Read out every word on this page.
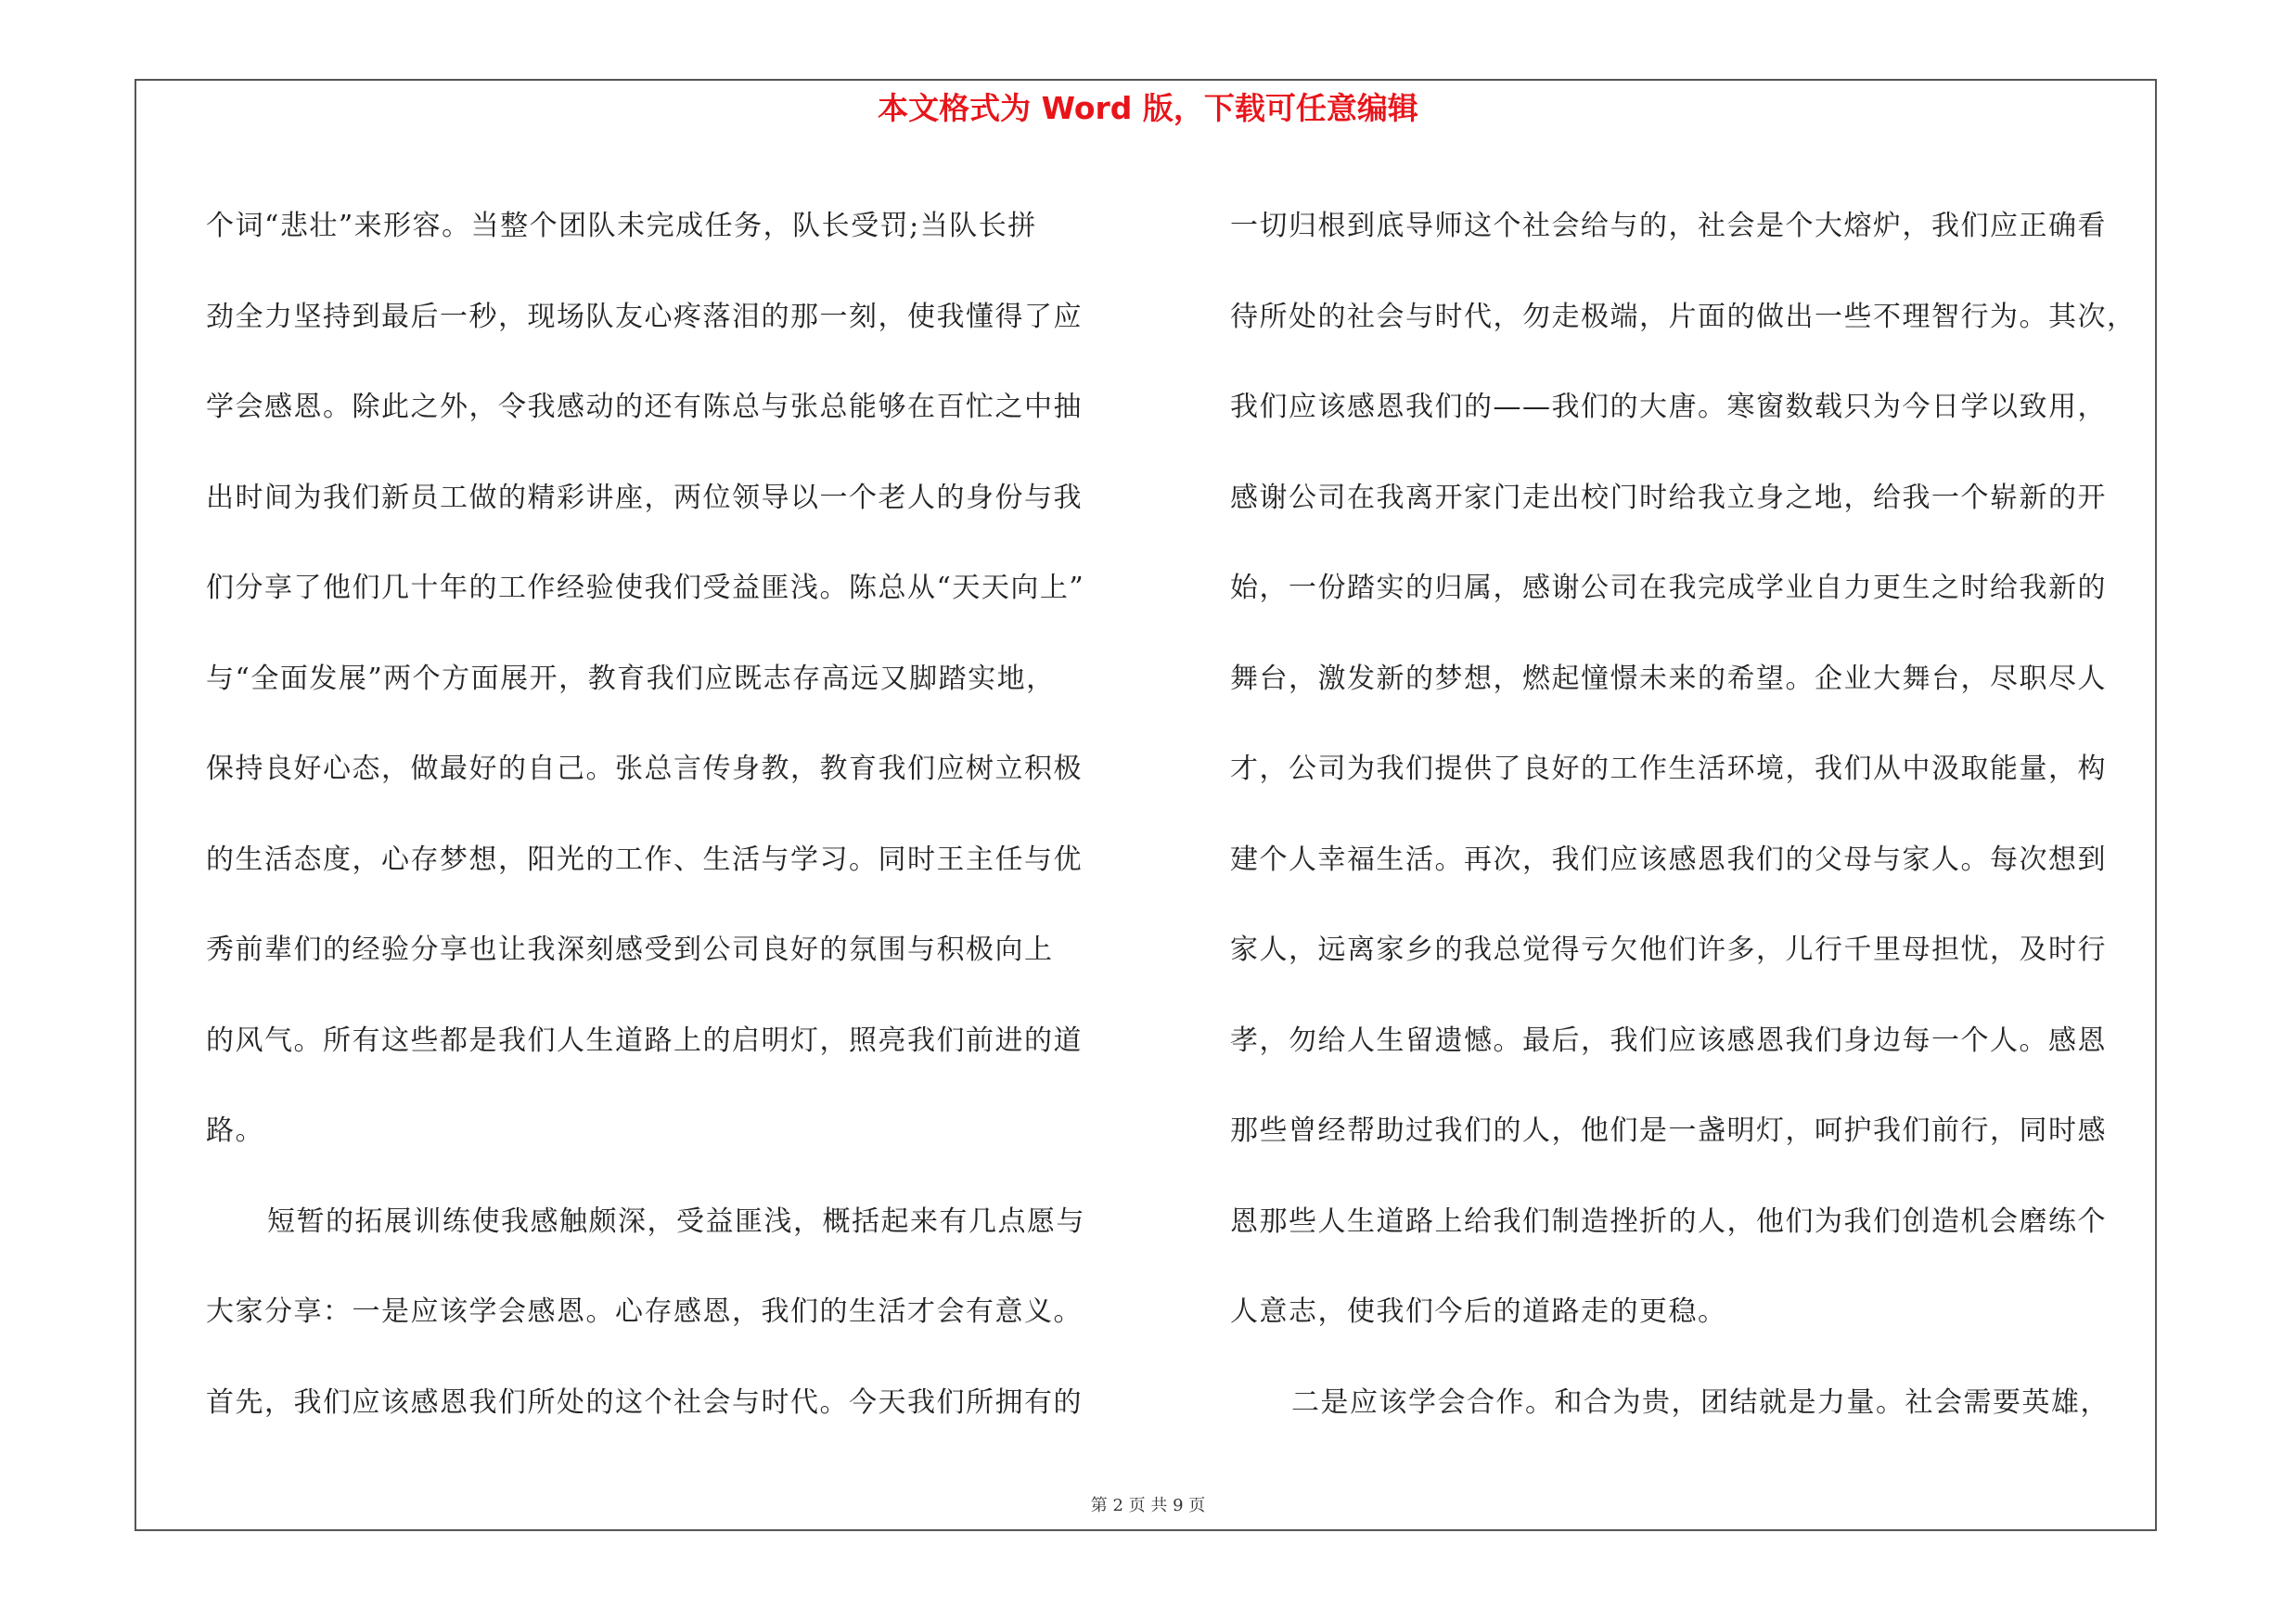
本文格式为 Word 版，下载可任意编辑
个词“悲壮”来形容。当整个团队未完成任务，队长受罚;当队长拼
劲全力坚持到最后一秒，现场队友心疼落泪的那一刻，使我懂得了应
学会感恩。除此之外，令我感动的还有陈总与张总能够在百忙之中抽
出时间为我们新员工做的精彩讲座，两位领导以一个老人的身份与我
们分享了他们几十年的工作经验使我们受益匪浅。陈总从“天天向上”
与“全面发展”两个方面展开，教育我们应既志存高远又脚踏实地，
保持良好心态，做最好的自己。张总言传身教，教育我们应树立积极
的生活态度，心存梦想，阳光的工作、生活与学习。同时王主任与优
秀前辈们的经验分享也让我深刻感受到公司良好的氛围与积极向上
的风气。所有这些都是我们人生道路上的启明灯，照亮我们前进的道
路。
短暂的拓展训练使我感触颇深，受益匪浅，概括起来有几点愿与
大家分享：一是应该学会感恩。心存感恩，我们的生活才会有意义。
首先，我们应该感恩我们所处的这个社会与时代。今天我们所拥有的
一切归根到底导师这个社会给与的，社会是个大熔炉，我们应正确看
待所处的社会与时代，勿走极端，片面的做出一些不理智行为。其次，
我们应该感恩我们的——我们的大唐。寒窗数载只为今日学以致用，
感谢公司在我离开家门走出校门时给我立身之地，给我一个崭新的开
始，一份踏实的归属，感谢公司在我完成学业自力更生之时给我新的
舞台，激发新的梦想，燃起憧憬未来的希望。企业大舞台，尽职尽人
才，公司为我们提供了良好的工作生活环境，我们从中汲取能量，构
建个人幸福生活。再次，我们应该感恩我们的父母与家人。每次想到
家人，远离家乡的我总觉得亏欠他们许多，儿行千里母担忧，及时行
孝，勿给人生留遗憾。最后，我们应该感恩我们身边每一个人。感恩
那些曾经帮助过我们的人，他们是一盏明灯，呵护我们前行，同时感
恩那些人生道路上给我们制造挫折的人，他们为我们创造机会磨练个
人意志，使我们今后的道路走的更稳。
二是应该学会合作。和合为贵，团结就是力量。社会需要英雄，
第 2 页 共 9 页
